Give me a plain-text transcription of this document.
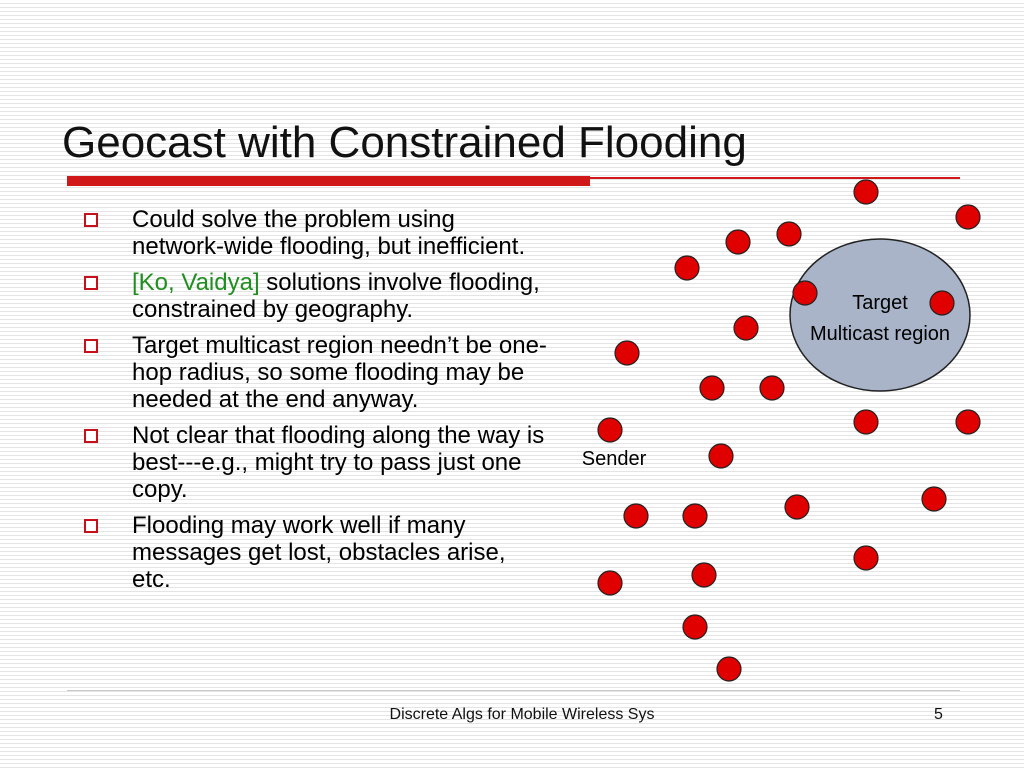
Geocast with Constrained Flooding
Could solve the problem using network-wide flooding, but inefficient.
[Ko, Vaidya] solutions involve flooding, constrained by geography.
Target multicast region needn’t be one-hop radius, so some flooding may be needed at the end anyway.
Not clear that flooding along the way is best---e.g., might try to pass just one copy.
Flooding may work well if many messages get lost, obstacles arise, etc.
Target
Multicast region
Sender
Discrete Algs for Mobile Wireless Sys	5
